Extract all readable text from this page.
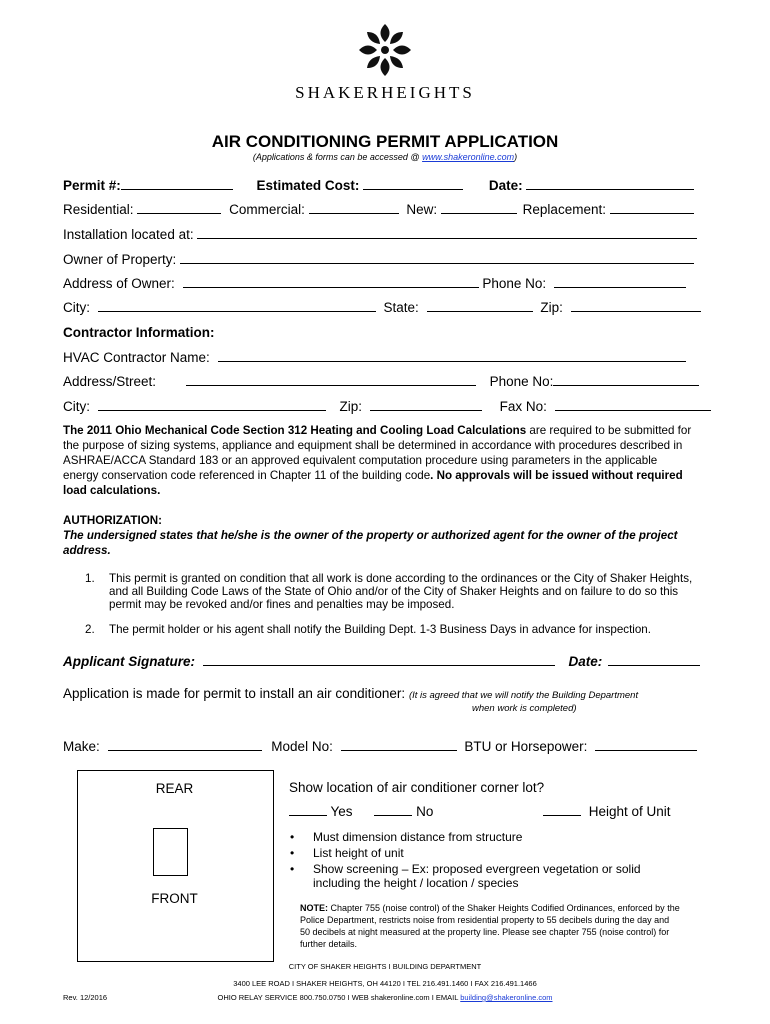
SHAKERHEIGHTS
AIR CONDITIONING PERMIT APPLICATION
(Applications & forms can be accessed @ www.shakeronline.com)
Permit #:	Estimated Cost:	Date:
Residential:	Commercial:	New:	Replacement:
Installation located at:
Owner of Property:
Address of Owner:	Phone No:
City:	State:	Zip:
Contractor Information:
HVAC Contractor Name:
Address/Street:	Phone No:
City:	Zip:	Fax No:
The 2011 Ohio Mechanical Code Section 312 Heating and Cooling Load Calculations are required to be submitted for the purpose of sizing systems, appliance and equipment shall be determined in accordance with procedures described in ASHRAE/ACCA Standard 183 or an approved equivalent computation procedure using parameters in the applicable energy conservation code referenced in Chapter 11 of the building code. No approvals will be issued without required load calculations.
AUTHORIZATION:
The undersigned states that he/she is the owner of the property or authorized agent for the owner of the project address.
1. This permit is granted on condition that all work is done according to the ordinances or the City of Shaker Heights, and all Building Code Laws of the State of Ohio and/or of the City of Shaker Heights and on failure to do so this permit may be revoked and/or fines and penalties may be imposed.
2. The permit holder or his agent shall notify the Building Dept. 1-3 Business Days in advance for inspection.
Applicant Signature:	Date:
Application is made for permit to install an air conditioner: (It is agreed that we will notify the Building Department
when work is completed)
Make:	Model No:	BTU or Horsepower:
REAR
FRONT
Show location of air conditioner corner lot?
Yes	No	Height of Unit
• Must dimension distance from structure
• List height of unit
• Show screening – Ex: proposed evergreen vegetation or solid including the height / location / species
NOTE: Chapter 755 (noise control) of the Shaker Heights Codified Ordinances, enforced by the Police Department, restricts noise from residential property to 55 decibels during the day and 50 decibels at night measured at the property line. Please see chapter 755 (noise control) for further details.
CITY OF SHAKER HEIGHTS I BUILDING DEPARTMENT
3400 LEE ROAD I SHAKER HEIGHTS, OH 44120 I TEL 216.491.1460 I FAX 216.491.1466
OHIO RELAY SERVICE 800.750.0750 I WEB shakeronline.com I EMAIL building@shakeronline.com
Rev. 12/2016
